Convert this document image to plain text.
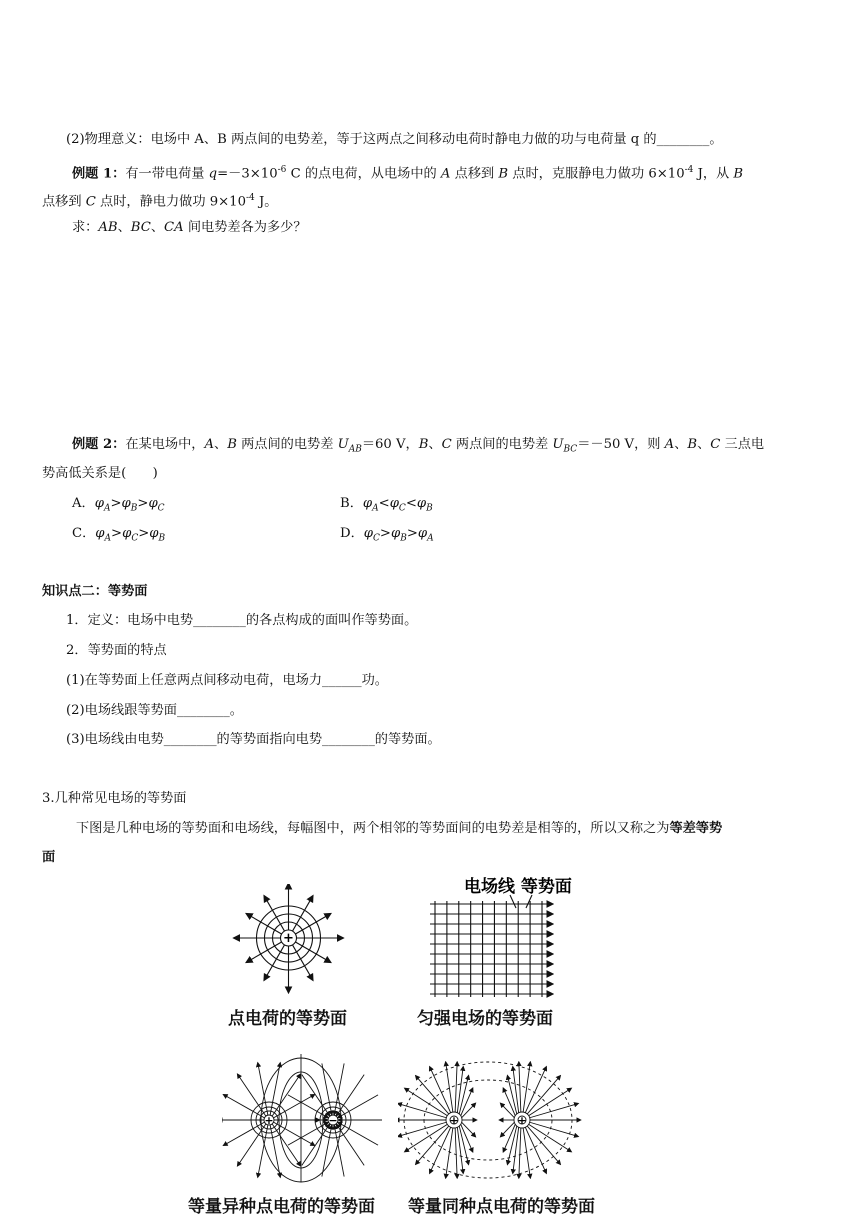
(2)物理意义：电场中 A、B 两点间的电势差，等于这两点之间移动电荷时静电力做的功与电荷量 q 的________。
例题 1：有一带电荷量 $q=-3\times 10^{-6}$ C 的点电荷，从电场中的 A 点移到 B 点时，克服静电力做功 $6\times 10^{-4}$ J，从 B
点移到 C 点时，静电力做功 $9\times 10^{-4}$ J。
求：AB、BC、CA 间电势差各为多少？
例题 2：在某电场中，A、B 两点间的电势差 $U_{AB}=60$ V，B、C 两点间的电势差 $U_{BC}=-50$ V，则 A、B、C 三点电
势高低关系是(　　)
A．$\varphi_A>\varphi_B>\varphi_C$	B．$\varphi_A<\varphi_C<\varphi_B$
C．$\varphi_A>\varphi_C>\varphi_B$	D．$\varphi_C>\varphi_B>\varphi_A$
知识点二：等势面
1．定义：电场中电势________的各点构成的面叫作等势面。
2．等势面的特点
(1)在等势面上任意两点间移动电荷，电场力______功。
(2)电场线跟等势面________。
(3)电场线由电势________的等势面指向电势________的等势面。
3.几种常见电场的等势面
下图是几种电场的等势面和电场线，每幅图中，两个相邻的等势面间的电势差是相等的，所以又称之为等差等势
面
+
点电荷的等势面
电场线 等势面
匀强电场的等势面
+	−
等量异种点电荷的等势面
+	+
等量同种点电荷的等势面
